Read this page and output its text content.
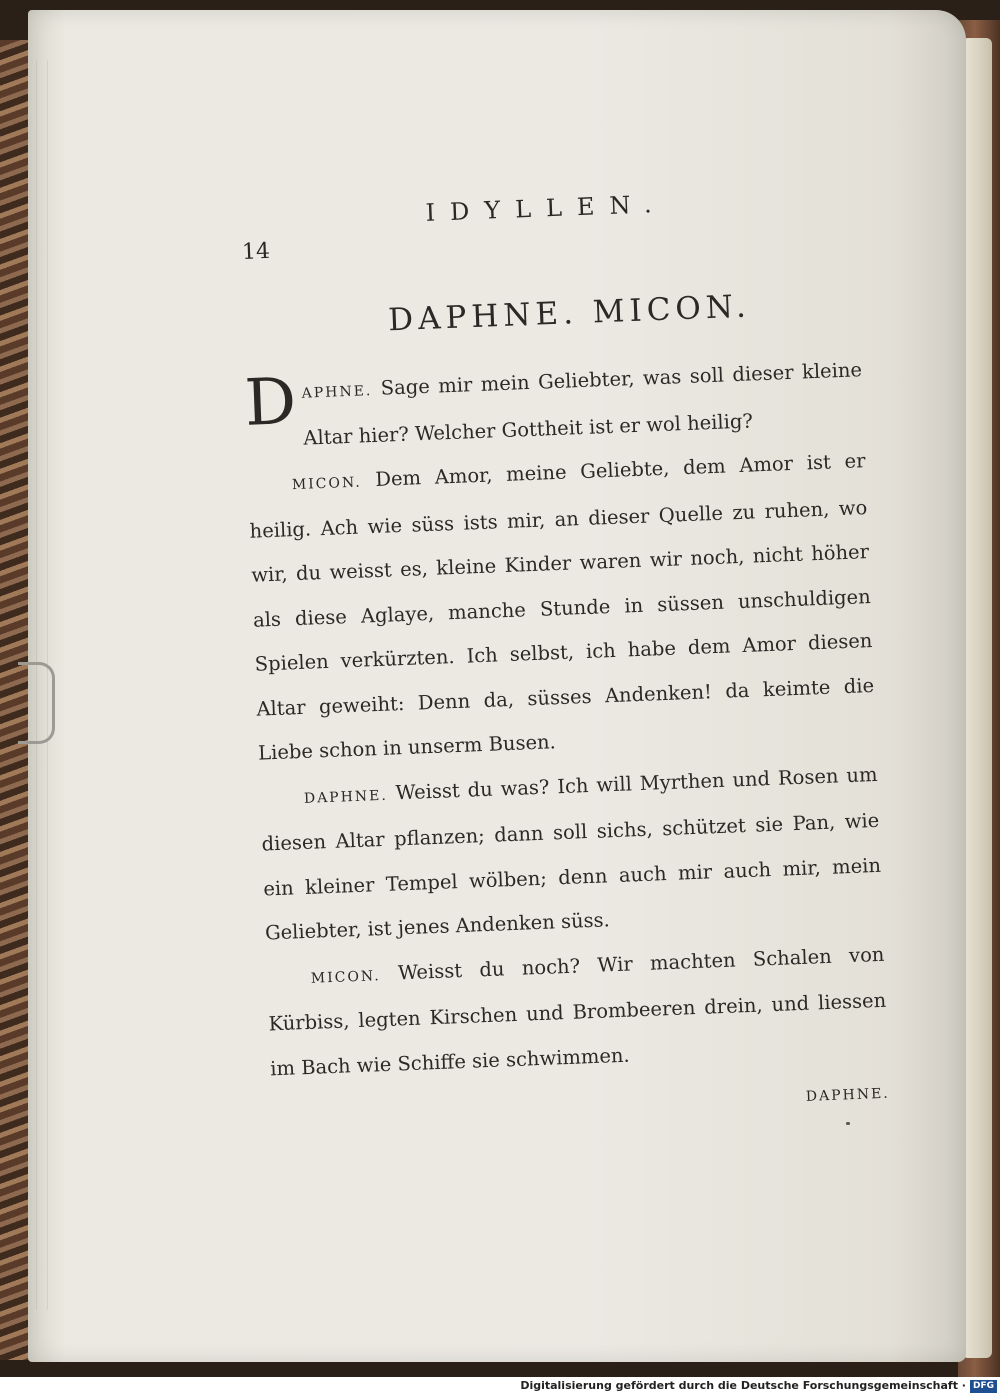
14
IDYLLEN.
DAPHNE. MICON.

DAPHNE. Sage mir mein Geliebter, was soll dieser kleine Altar hier? Welcher Gottheit ist er wol heilig?

MICON. Dem Amor, meine Geliebte, dem Amor ist er heilig. Ach wie süss ists mir, an dieser Quelle zu ruhen, wo wir, du weisst es, kleine Kinder waren wir noch, nicht höher als diese Aglaye, manche Stunde in süssen unschuldigen Spielen verkürzten. Ich selbst, ich habe dem Amor diesen Altar geweiht: Denn da, süsses Andenken! da keimte die Liebe schon in unserm Busen.

DAPHNE. Weisst du was? Ich will Myrthen und Rosen um diesen Altar pflanzen; dann soll sichs, schützet sie Pan, wie ein kleiner Tempel wölben; denn auch mir auch mir, mein Geliebter, ist jenes Andenken süss.

MICON. Weisst du noch? Wir machten Schalen von Kürbiss, legten Kirschen und Brombeeren drein, und liessen im Bach wie Schiffe sie schwimmen.

DAPHNE.
Digitalisierung gefördert durch die Deutsche Forschungsgemeinschaft · DFG
